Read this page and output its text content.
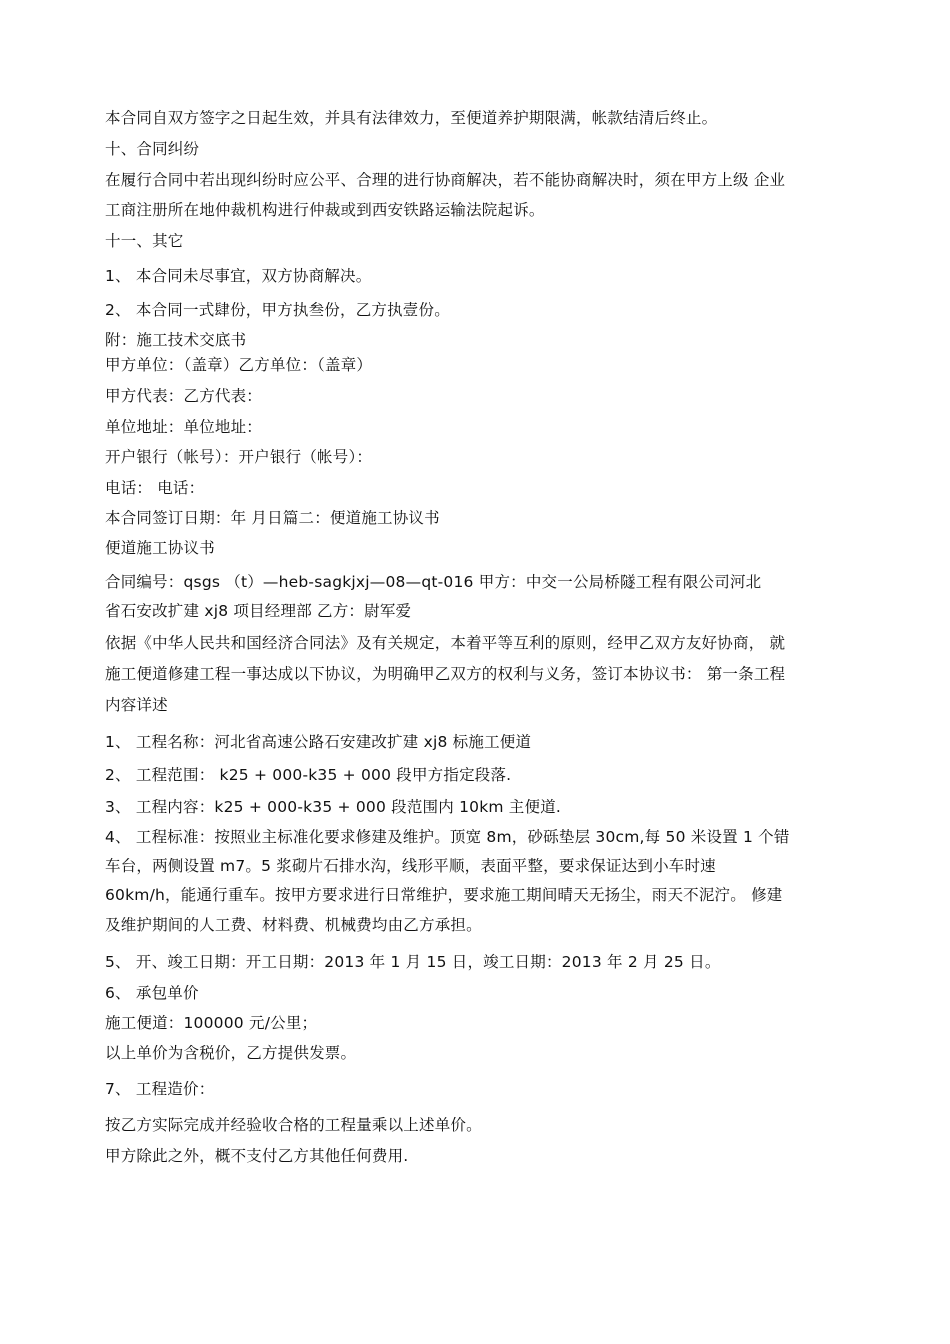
本合同自双方签字之日起生效，并具有法律效力，至便道养护期限满，帐款结清后终止。
十、合同纠纷
在履行合同中若出现纠纷时应公平、合理的进行协商解决，若不能协商解决时，须在甲方上级 企业
工商注册所在地仲裁机构进行仲裁或到西安铁路运输法院起诉。
十一、其它
1、 本合同未尽事宜，双方协商解决。
2、 本合同一式肆份，甲方执叁份，乙方执壹份。
附：施工技术交底书
甲方单位：（盖章）乙方单位：（盖章）
甲方代表：乙方代表：
单位地址：单位地址：
开户银行（帐号）：开户银行（帐号）：
电话： 电话：
本合同签订日期：年 月日篇二：便道施工协议书
便道施工协议书
合同编号：qsgs （t）—heb-sagkjxj—08—qt-016 甲方：中交一公局桥隧工程有限公司河北
省石安改扩建 xj8 项目经理部 乙方：尉军爱
依据《中华人民共和国经济合同法》及有关规定，本着平等互利的原则，经甲乙双方友好协商， 就
施工便道修建工程一事达成以下协议，为明确甲乙双方的权利与义务，签订本协议书： 第一条工程
内容详述
1、 工程名称：河北省高速公路石安建改扩建 xj8 标施工便道
2、 工程范围： k25 + 000-k35 + 000 段甲方指定段落.
3、 工程内容：k25 + 000-k35 + 000 段范围内 10km 主便道.
4、 工程标准：按照业主标准化要求修建及维护。顶宽 8m，砂砾垫层 30cm,每 50 米设置 1 个错
车台，两侧设置 m7。5 浆砌片石排水沟，线形平顺，表面平整，要求保证达到小车时速
60km/h，能通行重车。按甲方要求进行日常维护，要求施工期间晴天无扬尘，雨天不泥泞。 修建
及维护期间的人工费、材料费、机械费均由乙方承担。
5、 开、竣工日期：开工日期：2013 年 1 月 15 日，竣工日期：2013 年 2 月 25 日。
6、 承包单价
施工便道：100000 元/公里；
以上单价为含税价，乙方提供发票。
7、 工程造价：
按乙方实际完成并经验收合格的工程量乘以上述单价。
甲方除此之外，概不支付乙方其他任何费用.
